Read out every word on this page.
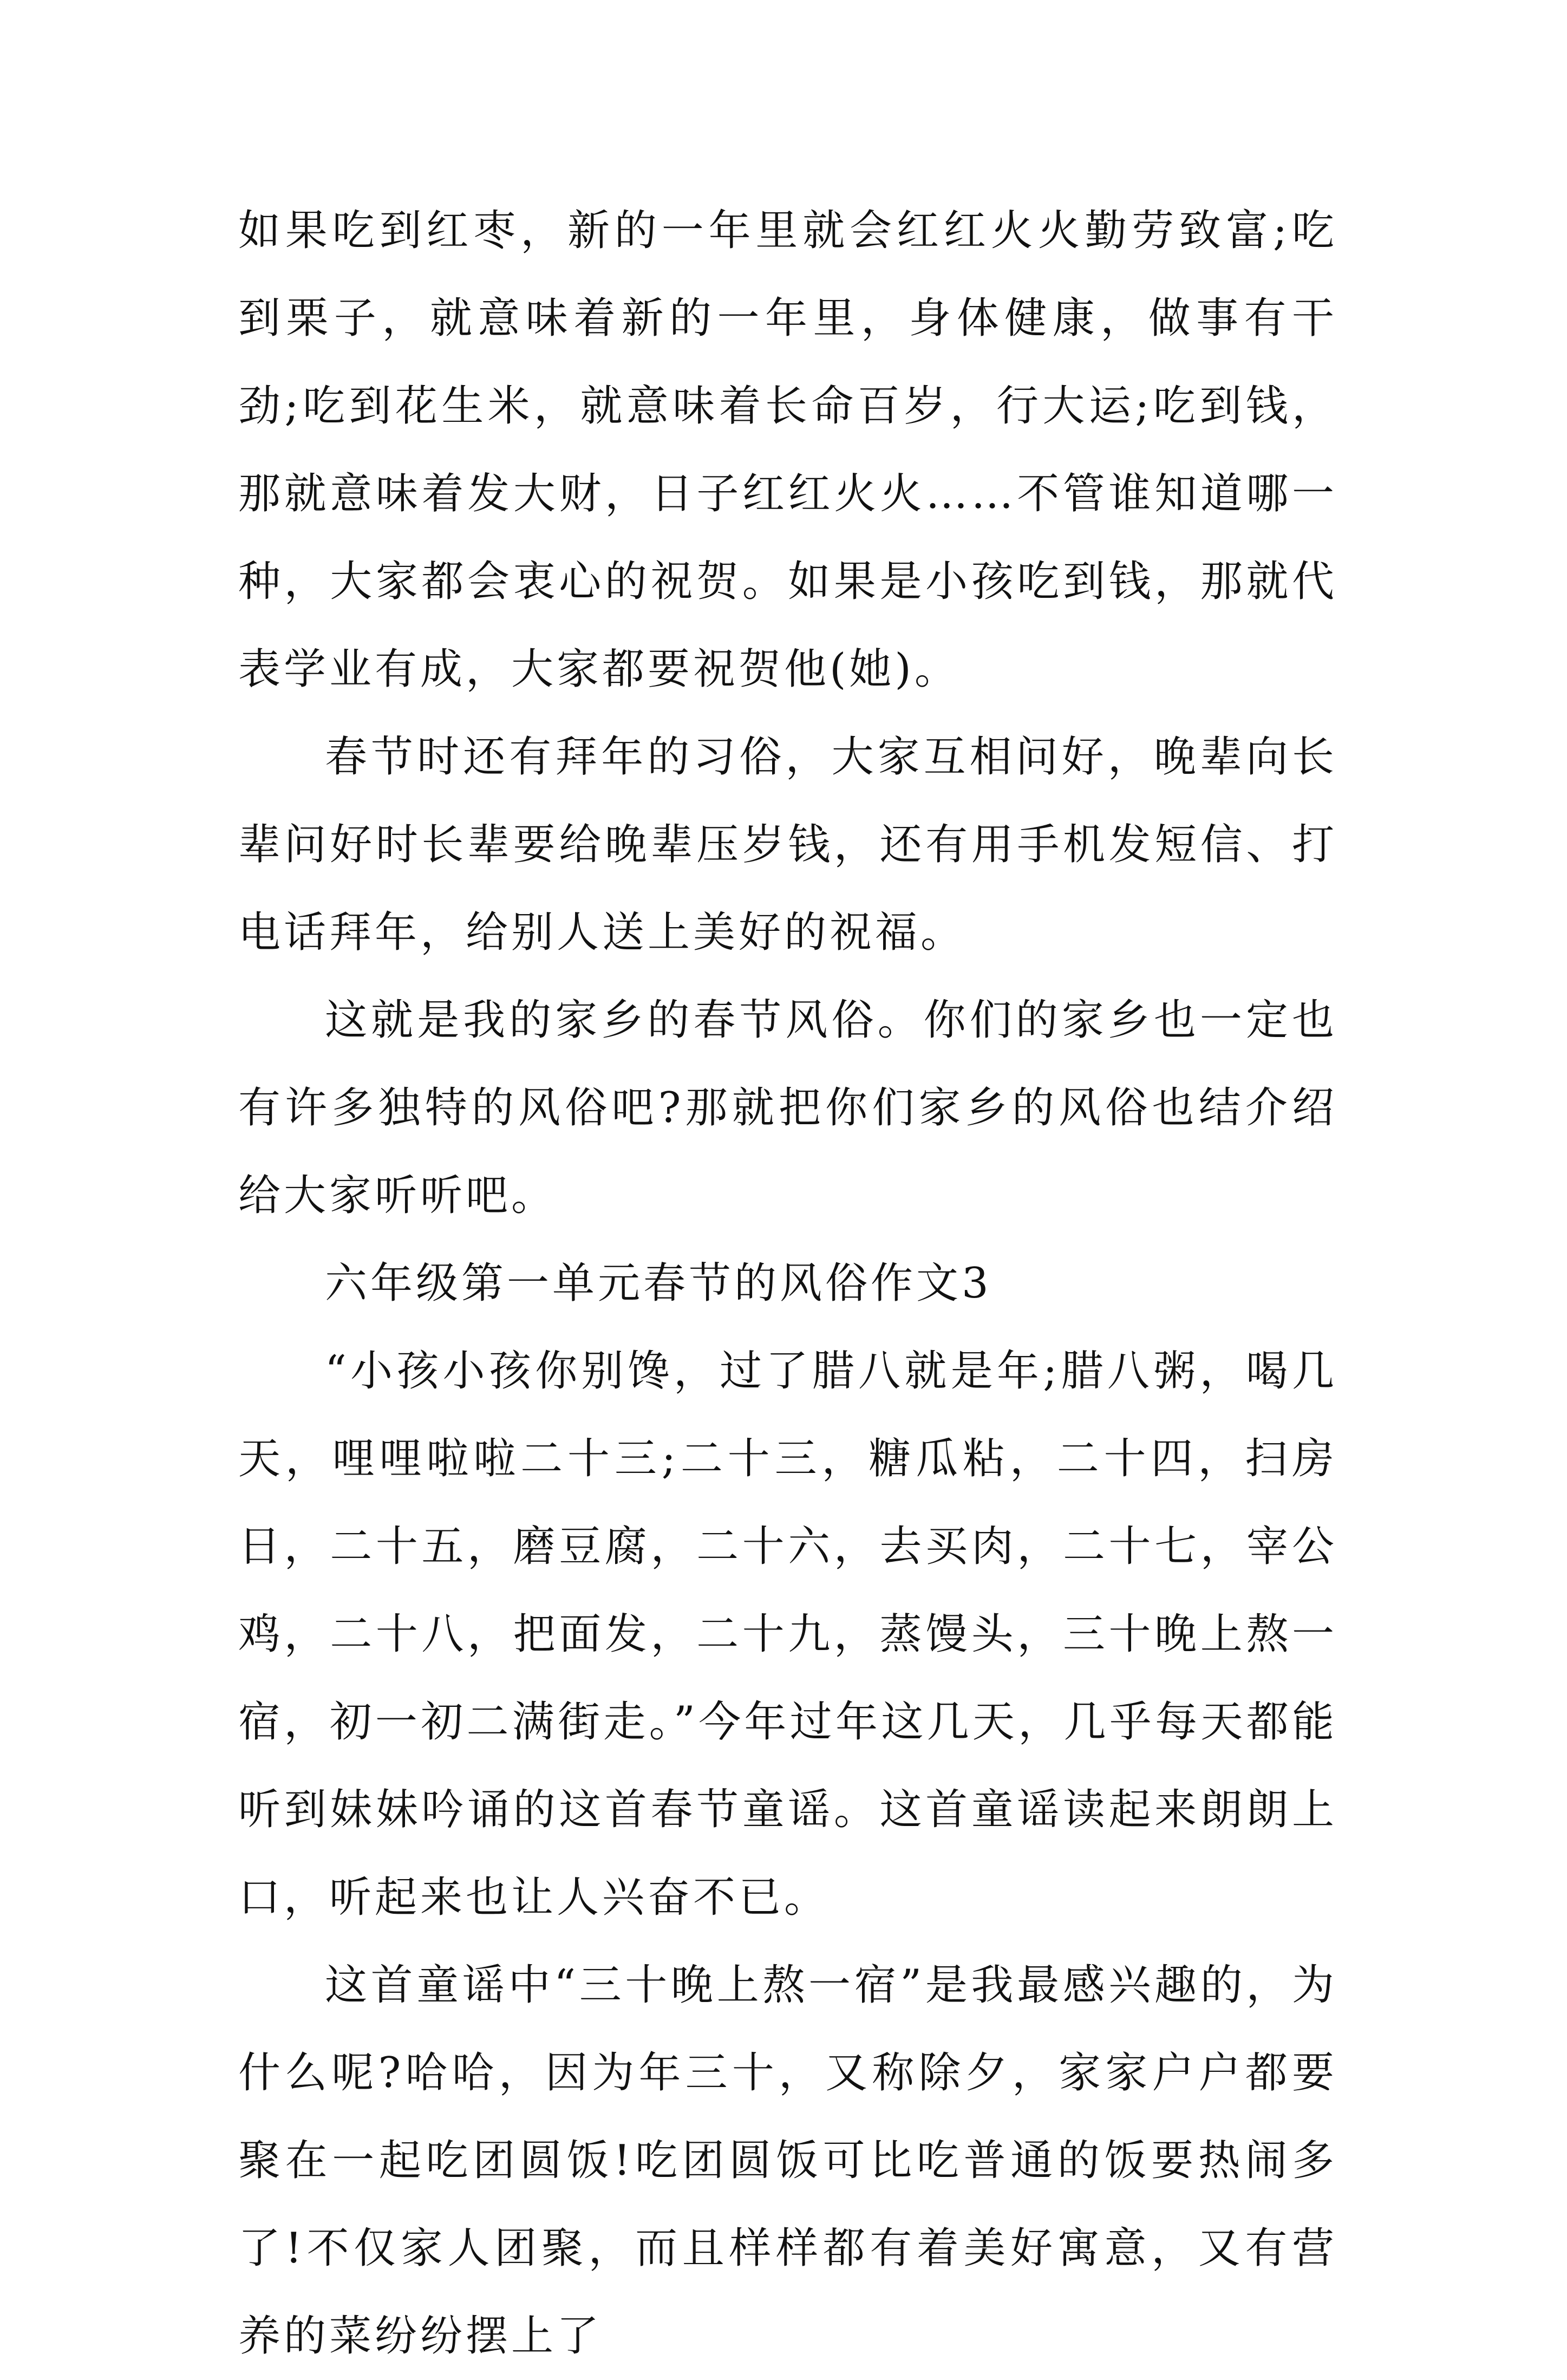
如果吃到红枣，新的一年里就会红红火火勤劳致富;吃到栗子，就意味着新的一年里，身体健康，做事有干劲;吃到花生米，就意味着长命百岁，行大运;吃到钱，那就意味着发大财，日子红红火火……不管谁知道哪一种，大家都会衷心的祝贺。如果是小孩吃到钱，那就代表学业有成，大家都要祝贺他(她)。

春节时还有拜年的习俗，大家互相问好，晚辈向长辈问好时长辈要给晚辈压岁钱，还有用手机发短信、打电话拜年，给别人送上美好的祝福。

这就是我的家乡的春节风俗。你们的家乡也一定也有许多独特的风俗吧?那就把你们家乡的风俗也结介绍给大家听听吧。

六年级第一单元春节的风俗作文3

“小孩小孩你别馋，过了腊八就是年;腊八粥，喝几天，哩哩啦啦二十三;二十三，糖瓜粘，二十四，扫房日，二十五，磨豆腐，二十六，去买肉，二十七，宰公鸡，二十八，把面发，二十九，蒸馒头，三十晚上熬一宿，初一初二满街走。”今年过年这几天，几乎每天都能听到妹妹吟诵的这首春节童谣。这首童谣读起来朗朗上口，听起来也让人兴奋不已。

这首童谣中“三十晚上熬一宿”是我最感兴趣的，为什么呢?哈哈，因为年三十，又称除夕，家家户户都要聚在一起吃团圆饭!吃团圆饭可比吃普通的饭要热闹多了!不仅家人团聚，而且样样都有着美好寓意，又有营养的菜纷纷摆上了
